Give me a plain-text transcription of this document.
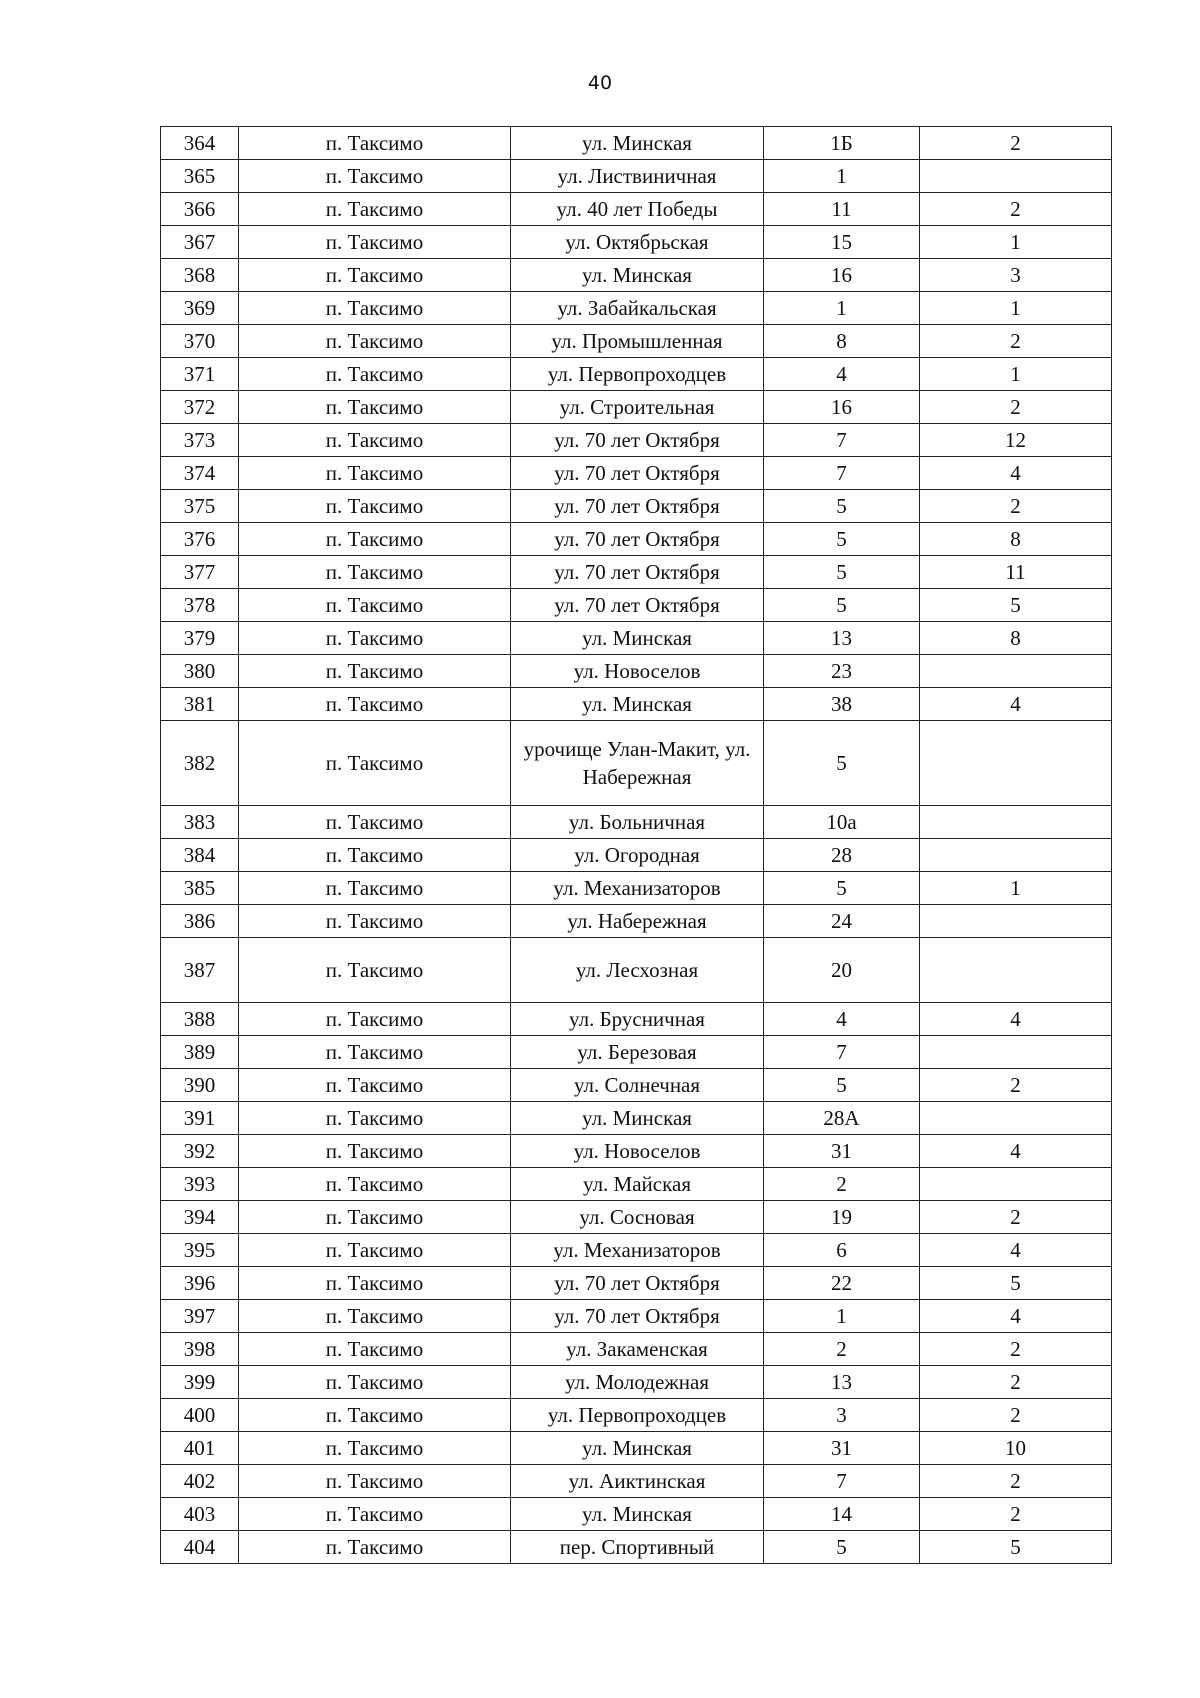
40
364	п. Таксимо	ул. Минская	1Б	2
365	п. Таксимо	ул. Листвиничная	1	
366	п. Таксимо	ул. 40 лет Победы	11	2
367	п. Таксимо	ул. Октябрьская	15	1
368	п. Таксимо	ул. Минская	16	3
369	п. Таксимо	ул. Забайкальская	1	1
370	п. Таксимо	ул. Промышленная	8	2
371	п. Таксимо	ул. Первопроходцев	4	1
372	п. Таксимо	ул. Строительная	16	2
373	п. Таксимо	ул. 70 лет Октября	7	12
374	п. Таксимо	ул. 70 лет Октября	7	4
375	п. Таксимо	ул. 70 лет Октября	5	2
376	п. Таксимо	ул. 70 лет Октября	5	8
377	п. Таксимо	ул. 70 лет Октября	5	11
378	п. Таксимо	ул. 70 лет Октября	5	5
379	п. Таксимо	ул. Минская	13	8
380	п. Таксимо	ул. Новоселов	23	
381	п. Таксимо	ул. Минская	38	4
382	п. Таксимо	урочище Улан-Макит, ул. Набережная	5	
383	п. Таксимо	ул. Больничная	10а	
384	п. Таксимо	ул. Огородная	28	
385	п. Таксимо	ул. Механизаторов	5	1
386	п. Таксимо	ул. Набережная	24	
387	п. Таксимо	ул. Лесхозная	20	
388	п. Таксимо	ул. Брусничная	4	4
389	п. Таксимо	ул. Березовая	7	
390	п. Таксимо	ул. Солнечная	5	2
391	п. Таксимо	ул. Минская	28А	
392	п. Таксимо	ул. Новоселов	31	4
393	п. Таксимо	ул. Майская	2	
394	п. Таксимо	ул. Сосновая	19	2
395	п. Таксимо	ул. Механизаторов	6	4
396	п. Таксимо	ул. 70 лет Октября	22	5
397	п. Таксимо	ул. 70 лет Октября	1	4
398	п. Таксимо	ул. Закаменская	2	2
399	п. Таксимо	ул. Молодежная	13	2
400	п. Таксимо	ул. Первопроходцев	3	2
401	п. Таксимо	ул. Минская	31	10
402	п. Таксимо	ул. Аиктинская	7	2
403	п. Таксимо	ул. Минская	14	2
404	п. Таксимо	пер. Спортивный	5	5
